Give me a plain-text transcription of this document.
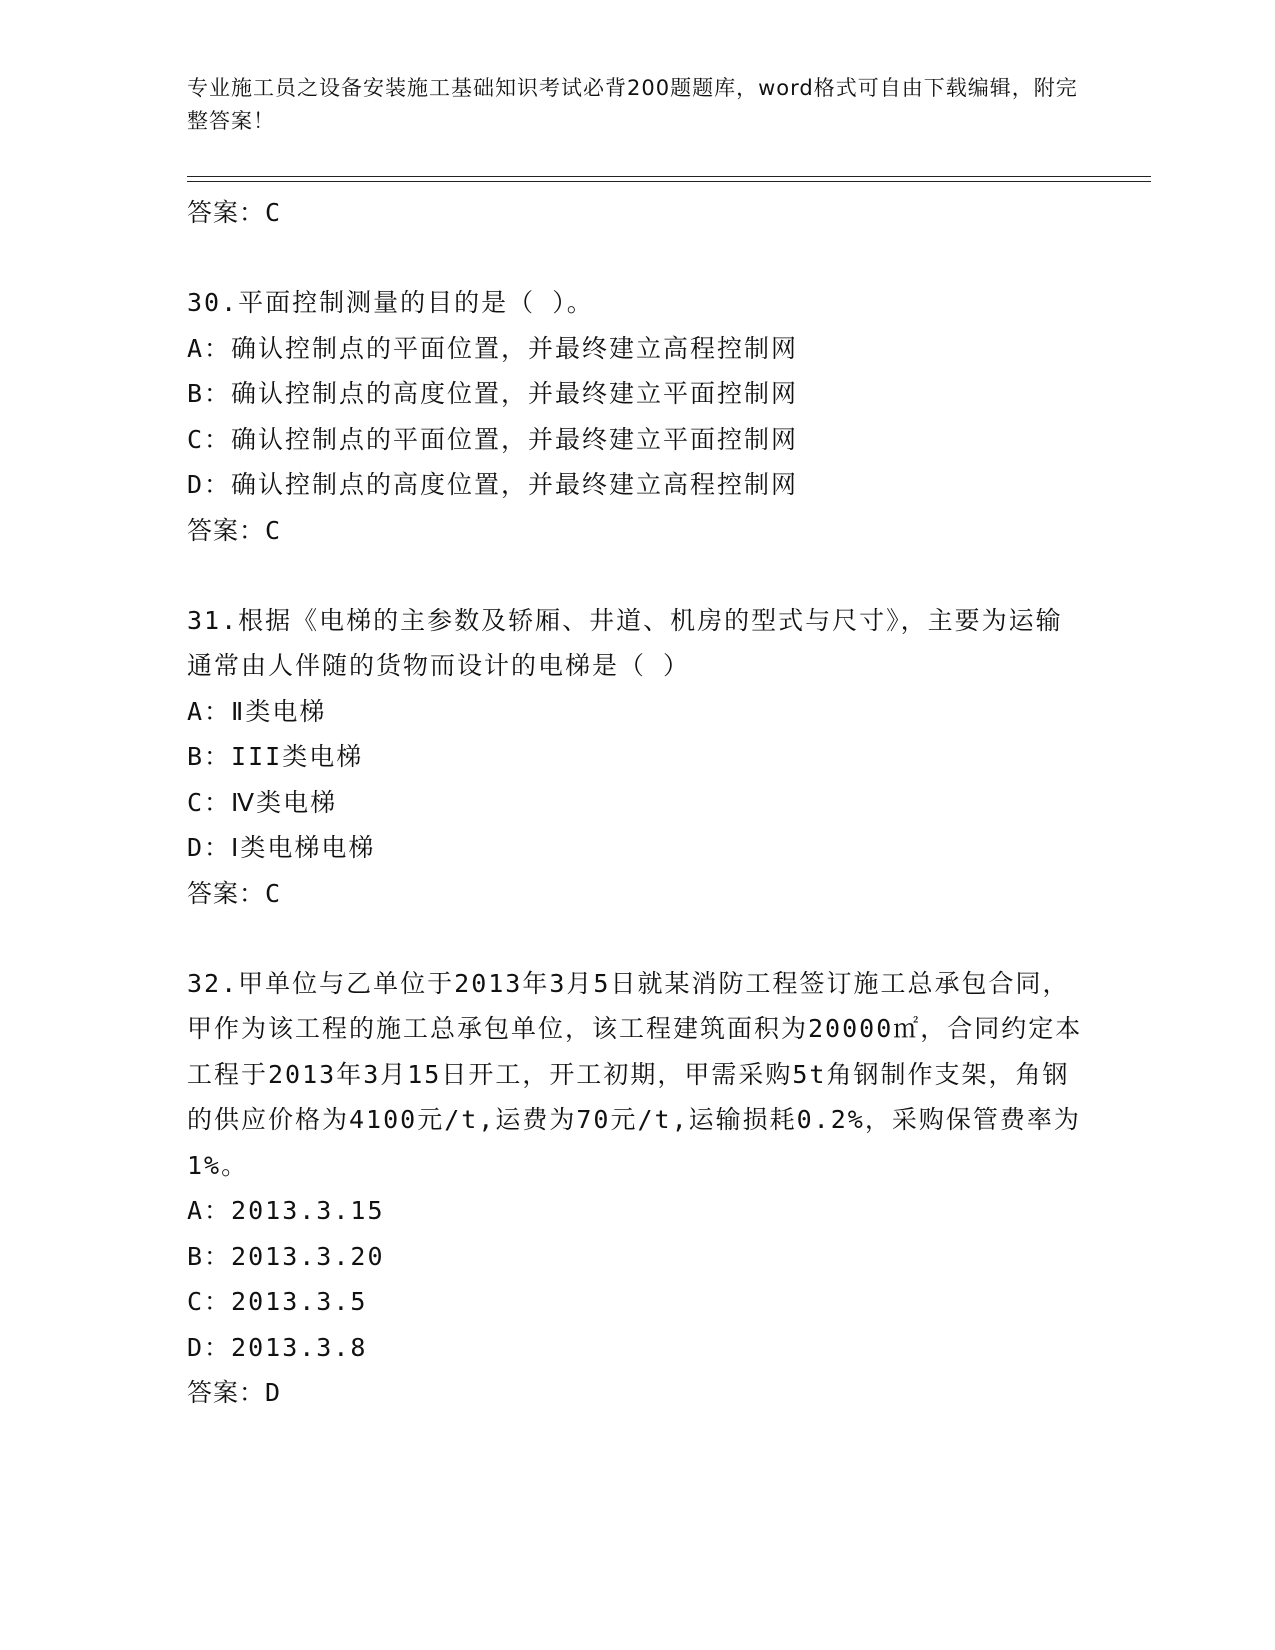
专业施工员之设备安装施工基础知识考试必背200题题库，word格式可自由下载编辑，附完整答案！
答案：C
30.平面控制测量的目的是（ ）。
A：确认控制点的平面位置，并最终建立高程控制网
B：确认控制点的高度位置，并最终建立平面控制网
C：确认控制点的平面位置，并最终建立平面控制网
D：确认控制点的高度位置，并最终建立高程控制网
答案：C
31.根据《电梯的主参数及轿厢、井道、机房的型式与尺寸》，主要为运输通常由人伴随的货物而设计的电梯是（ ）
A：Ⅱ类电梯
B：III类电梯
C：Ⅳ类电梯
D：Ⅰ类电梯电梯
答案：C
32.甲单位与乙单位于2013年3月5日就某消防工程签订施工总承包合同，甲作为该工程的施工总承包单位，该工程建筑面积为20000㎡，合同约定本工程于2013年3月15日开工，开工初期，甲需采购5t角钢制作支架，角钢的供应价格为4100元/t,运费为70元/t,运输损耗0.2%，采购保管费率为1%。
A：2013.3.15
B：2013.3.20
C：2013.3.5
D：2013.3.8
答案：D
